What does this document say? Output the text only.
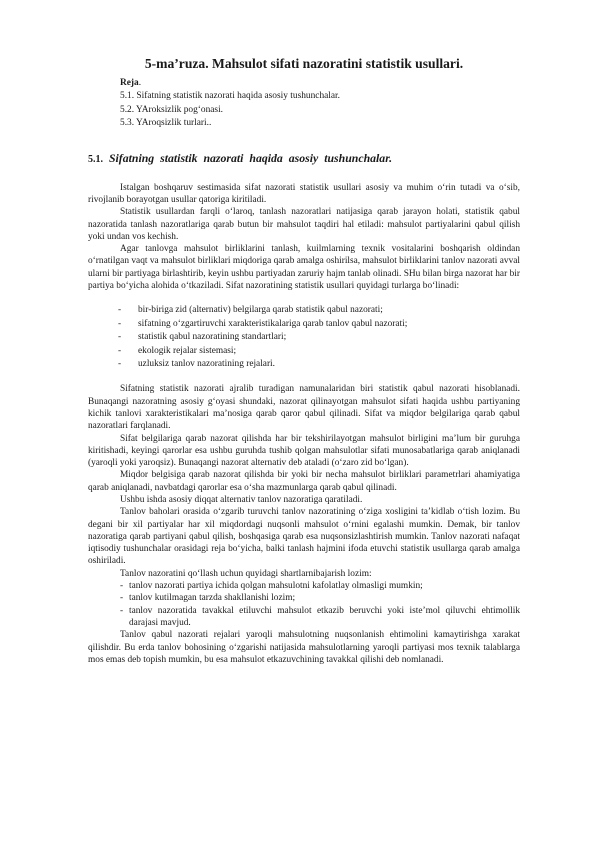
5-ma’ruza. Mahsulot sifati nazoratini statistik usullari.
Reja.
5.1. Sifatning statistik nazorati haqida asosiy tushunchalar.
5.2. YAroksizlik pog‘onasi.
5.3. YAroqsizlik turlari..
5.1. Sifatning statistik nazorati haqida asosiy tushunchalar.

Istalgan boshqaruv sestimasida sifat nazorati statistik usullari asosiy va muhim o‘rin tutadi va o‘sib, rivojlanib borayotgan usullar qatoriga kiritiladi.

Statistik usullardan farqli o‘laroq, tanlash nazoratlari natijasiga qarab jarayon holati, statistik qabul nazoratida tanlash nazoratlariga qarab butun bir mahsulot taqdiri hal etiladi: mahsulot partiyalarini qabul qilish yoki undan vos kechish.

Agar tanlovga mahsulot birliklarini tanlash, kuilmlarning texnik vositalarini boshqarish oldindan o‘rnatilgan vaqt va mahsulot birliklari miqdoriga qarab amalga oshirilsa, mahsulot birliklarini tanlov nazorati avval ularni bir partiyaga birlashtirib, keyin ushbu partiyadan zaruriy hajm tanlab olinadi. SHu bilan birga nazorat har bir partiya bo‘yicha alohida o‘tkaziladi. Sifat nazoratining statistik usullari quyidagi turlarga bo‘linadi:

- bir-biriga zid (alternativ) belgilarga qarab statistik qabul nazorati;
- sifatning o‘zgartiruvchi xarakteristikalariga qarab tanlov qabul nazorati;
- statistik qabul nazoratining standartlari;
- ekologik rejalar sistemasi;
- uzluksiz tanlov nazoratining rejalari.

Sifatning statistik nazorati ajralib turadigan namunalaridan biri statistik qabul nazorati hisoblanadi. Bunaqangi nazoratning asosiy g‘oyasi shundaki, nazorat qilinayotgan mahsulot sifati haqida ushbu partiyaning kichik tanlovi xarakteristikalari ma’nosiga qarab qaror qabul qilinadi. Sifat va miqdor belgilariga qarab qabul nazoratlari farqlanadi.

Sifat belgilariga qarab nazorat qilishda har bir tekshirilayotgan mahsulot birligini ma’lum bir guruhga kiritishadi, keyingi qarorlar esa ushbu guruhda tushib qolgan mahsulotlar sifati munosabatlariga qarab aniqlanadi (yaroqli yoki yaroqsiz). Bunaqangi nazorat alternativ deb ataladi (o‘zaro zid bo‘lgan).

Miqdor belgisiga qarab nazorat qilishda bir yoki bir necha mahsulot birliklari parametrlari ahamiyatiga qarab aniqlanadi, navbatdagi qarorlar esa o‘sha mazmunlarga qarab qabul qilinadi.

Ushbu ishda asosiy diqqat alternativ tanlov nazoratiga qaratiladi.

Tanlov baholari orasida o‘zgarib turuvchi tanlov nazoratining o‘ziga xosligini ta’kidlab o‘tish lozim. Bu degani bir xil partiyalar har xil miqdordagi nuqsonli mahsulot o‘rnini egalashi mumkin. Demak, bir tanlov nazoratiga qarab partiyani qabul qilish, boshqasiga qarab esa nuqsonsizlashtirish mumkin. Tanlov nazorati nafaqat iqtisodiy tushunchalar orasidagi reja bo‘yicha, balki tanlash hajmini ifoda etuvchi statistik usullarga qarab amalga oshiriladi.

Tanlov nazoratini qo‘llash uchun quyidagi shartlarnibajarish lozim:

- tanlov nazorati partiya ichida qolgan mahsulotni kafolatlay olmasligi mumkin;
- tanlov kutilmagan tarzda shakllanishi lozim;
- tanlov nazoratida tavakkal etiluvchi mahsulot etkazib beruvchi yoki iste’mol qiluvchi ehtimollik darajasi mavjud.

Tanlov qabul nazorati rejalari yaroqli mahsulotning nuqsonlanish ehtimolini kamaytirishga xarakat qilishdir. Bu erda tanlov bohosining o‘zgarishi natijasida mahsulotlarning yaroqli partiyasi mos texnik talablarga mos emas deb topish mumkin, bu esa mahsulot etkazuvchining tavakkal qilishi deb nomlanadi.
